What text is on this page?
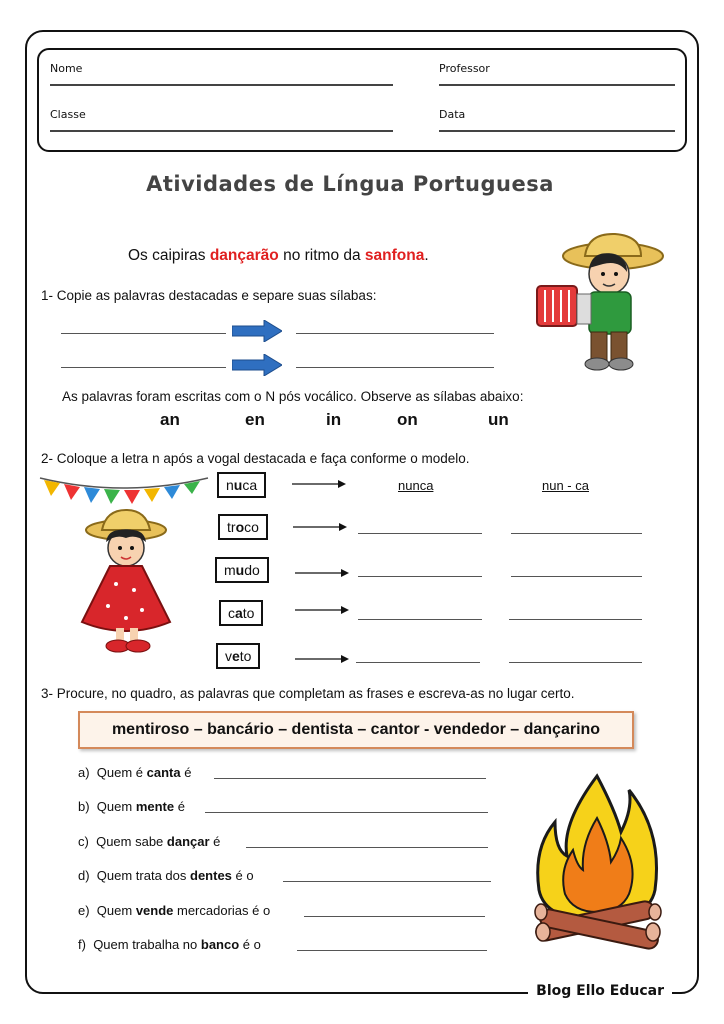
Nome	Professor
Classe	Data
Atividades de Língua Portuguesa
Os caipiras dançarão no ritmo da sanfona.
1- Copie as palavras destacadas e separe suas sílabas:
As palavras foram escritas com o N pós vocálico. Observe as sílabas abaixo:
an	en	in	on	un
2- Coloque a letra n após a vogal destacada e faça conforme o modelo.
nuca	nunca	nun - ca
troco
mudo
cato
veto
3- Procure, no quadro, as palavras que completam as frases e escreva-as no lugar certo.
mentiroso – bancário – dentista – cantor - vendedor – dançarino
a) Quem é canta é
b) Quem mente é
c) Quem sabe dançar é
d) Quem trata dos dentes é o
e) Quem vende mercadorias é o
f) Quem trabalha no banco é o
Blog Ello Educar
